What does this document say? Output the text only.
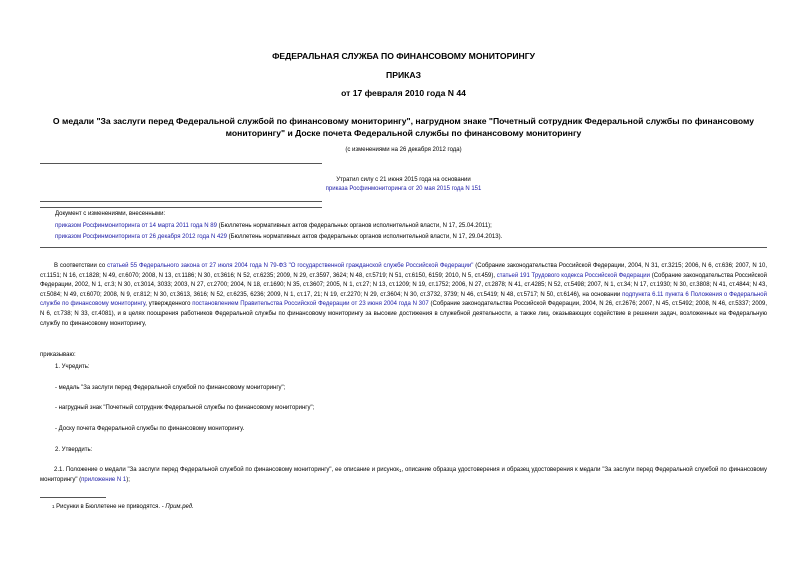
ФЕДЕРАЛЬНАЯ СЛУЖБА ПО ФИНАНСОВОМУ МОНИТОРИНГУ
ПРИКАЗ
от 17 февраля 2010 года N 44
О медали "За заслуги перед Федеральной службой по финансовому мониторингу", нагрудном знаке "Почетный сотрудник Федеральной службы по финансовому мониторингу" и Доске почета Федеральной службы по финансовому мониторингу
(с изменениями на 26 декабря 2012 года)
Утратил силу с 21 июня 2015 года на основании
приказа Росфинмониторинга от 20 мая 2015 года N 151
Документ с изменениями, внесенными:
приказом Росфинмониторинга от 14 марта 2011 года N 89 (Бюллетень нормативных актов федеральных органов исполнительной власти, N 17, 25.04.2011);
приказом Росфинмониторинга от 26 декабря 2012 года N 429 (Бюллетень нормативных актов федеральных органов исполнительной власти, N 17, 29.04.2013).
В соответствии со статьей 55 Федерального закона от 27 июля 2004 года N 79-ФЗ "О государственной гражданской службе Российской Федерации" (Собрание законодательства Российской Федерации, 2004, N 31, ст.3215; 2006, N 6, ст.636; 2007, N 10, ст.1151; N 16, ст.1828; N 49, ст.6070; 2008, N 13, ст.1186; N 30, ст.3616; N 52, ст.6235; 2009, N 29, ст.3597, 3624; N 48, ст.5719; N 51, ст.6150, 6159; 2010, N 5, ст.459), статьей 191 Трудового кодекса Российской Федерации (Собрание законодательства Российской Федерации, 2002, N 1, ст.3; N 30, ст.3014, 3033; 2003, N 27, ст.2700; 2004, N 18, ст.1690; N 35, ст.3607; 2005, N 1, ст.27; N 13, ст.1209; N 19, ст.1752; 2006, N 27, ст.2878; N 41, ст.4285; N 52, ст.5498; 2007, N 1, ст.34; N 17, ст.1930; N 30, ст.3808; N 41, ст.4844; N 43, ст.5084; N 49, ст.6070; 2008, N 9, ст.812; N 30, ст.3613, 3616; N 52, ст.6235, 6236; 2009, N 1, ст.17, 21; N 19, ст.2270; N 29, ст.3604; N 30, ст.3732, 3739; N 46, ст.5419; N 48, ст.5717; N 50, ст.6146), на основании подпункта 6.11 пункта 6 Положения о Федеральной службе по финансовому мониторингу, утвержденного постановлением Правительства Российской Федерации от 23 июня 2004 года N 307 (Собрание законодательства Российской Федерации, 2004, N 26, ст.2676; 2007, N 45, ст.5492; 2008, N 46, ст.5337; 2009, N 6, ст.738; N 33, ст.4081), и в целях поощрения работников Федеральной службы по финансовому мониторингу за высокие достижения в служебной деятельности, а также лиц, оказывающих содействие в решении задач, возложенных на Федеральную службу по финансовому мониторингу,
приказываю:
1. Учредить:
- медаль "За заслуги перед Федеральной службой по финансовому мониторингу";
- нагрудный знак "Почетный сотрудник Федеральной службы по финансовому мониторингу";
- Доску почета Федеральной службы по финансовому мониторингу.
2. Утвердить:
2.1. Положение о медали "За заслуги перед Федеральной службой по финансовому мониторингу", ее описание и рисунок$^1$, описание образца удостоверения и образец удостоверения к медали "За заслуги перед Федеральной службой по финансовому мониторингу" (приложение N 1);
$^1$ Рисунки в Бюллетене не приводятся. - Прим.ред.
